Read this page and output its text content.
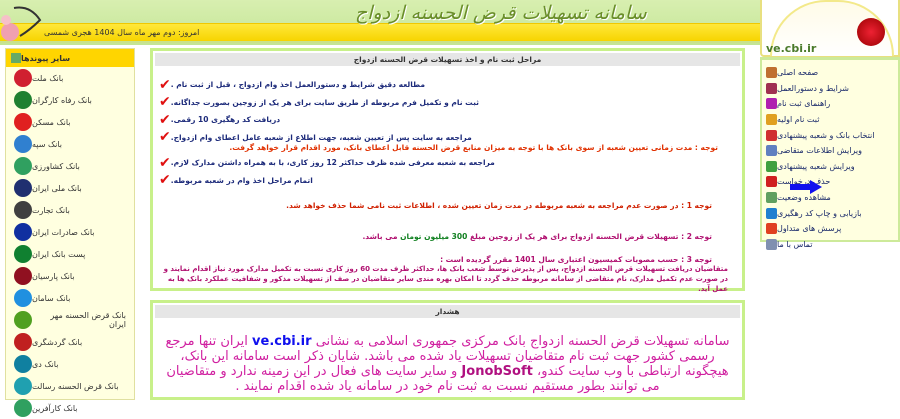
امروز: دوم مهر ماه سال 1404 هجری شمسی
سامانه تسهیلات قرض الحسنه ازدواج
ve.cbi.ir
صفحه اصلی
شرایط و دستورالعمل
راهنمای ثبت نام
ثبت نام اولیه
انتخاب بانک و شعبه پیشنهادی
ویرایش اطلاعات متقاضی
ویرایش شعبه پیشنهادی
حذف درخواست
مشاهده وضعیت
بازیابی و چاپ کد رهگیری
پرسش های متداول
تماس با ما
سایر پیوندها
بانک ملت
بانک رفاه کارگران
بانک مسکن
بانک سپه
بانک کشاورزی
بانک ملی ایران
بانک تجارت
بانک صادرات ایران
پست بانک ایران
بانک پارسیان
بانک سامان
بانک قرض الحسنه مهر ایران
بانک گردشگری
بانک دی
بانک قرض الحسنه رسالت
بانک کارآفرین
مراحل ثبت نام و اخذ تسهیلات قرض الحسنه ازدواج
✔ مطالعه دقیق شرایط و دستورالعمل اخذ وام ازدواج ، قبل از ثبت نام .
✔ ثبت نام و تکمیل فرم مربوطه از طریق سایت برای هر یک از زوجین بصورت جداگانه.
✔ دریافت کد رهگیری 10 رقمی.
✔ مراجعه به سایت پس از تعیین شعبه، جهت اطلاع از شعبه عامل اعطای وام ازدواج.
توجه : مدت زمانی تعیین شعبه از سوی بانک ها با توجه به میزان منابع قرض الحسنه قابل اعطای بانک، مورد اقدام قرار خواهد گرفت.
✔ مراجعه به شعبه معرفی شده ظرف حداکثر 12 روز کاری، با به همراه داشتن مدارک لازم.
✔ اتمام مراحل اخذ وام در شعبه مربوطه.
توجه 1 : در صورت عدم مراجعه به شعبه مربوطه در مدت زمان تعیین شده ، اطلاعات ثبت نامی شما حذف خواهد شد.
توجه 2 : تسهیلات قرض الحسنه ازدواج برای هر یک از زوجین مبلغ 300 میلیون تومان می باشد.
توجه 3 : حسب مصوبات کمیسیون اعتباری سال 1401 مقرر گردیده است :
متقاضیان دریافت تسهیلات قرض الحسنه ازدواج، پس از پذیرش توسط شعب بانک ها، حداکثر ظرف مدت 60 روز کاری نسبت به تکمیل مدارک مورد نیاز اقدام نمایند و در صورت عدم تکمیل مدارک، نام متقاضی از سامانه مربوطه حذف گردد تا امکان بهره مندی سایر متقاضیان در صف از تسهیلات مذکور و شفافیت عملکرد بانک ها به عمل آید.
هشدار
سامانه تسهیلات قرض الحسنه ازدواج بانک مرکزی جمهوری اسلامی به نشانی ve.cbi.ir ایران تنها مرجع رسمی کشور جهت ثبت نام متقاضیان تسهیلات یاد شده می باشد. شایان ذکر است سامانه این بانک، هیچگونه ارتباطی با وب سایت کندو، JonobSoft و سایر سایت های فعال در این زمینه ندارد و متقاضیان می توانند بطور مستقیم نسبت به ثبت نام خود در سامانه یاد شده اقدام نمایند .
